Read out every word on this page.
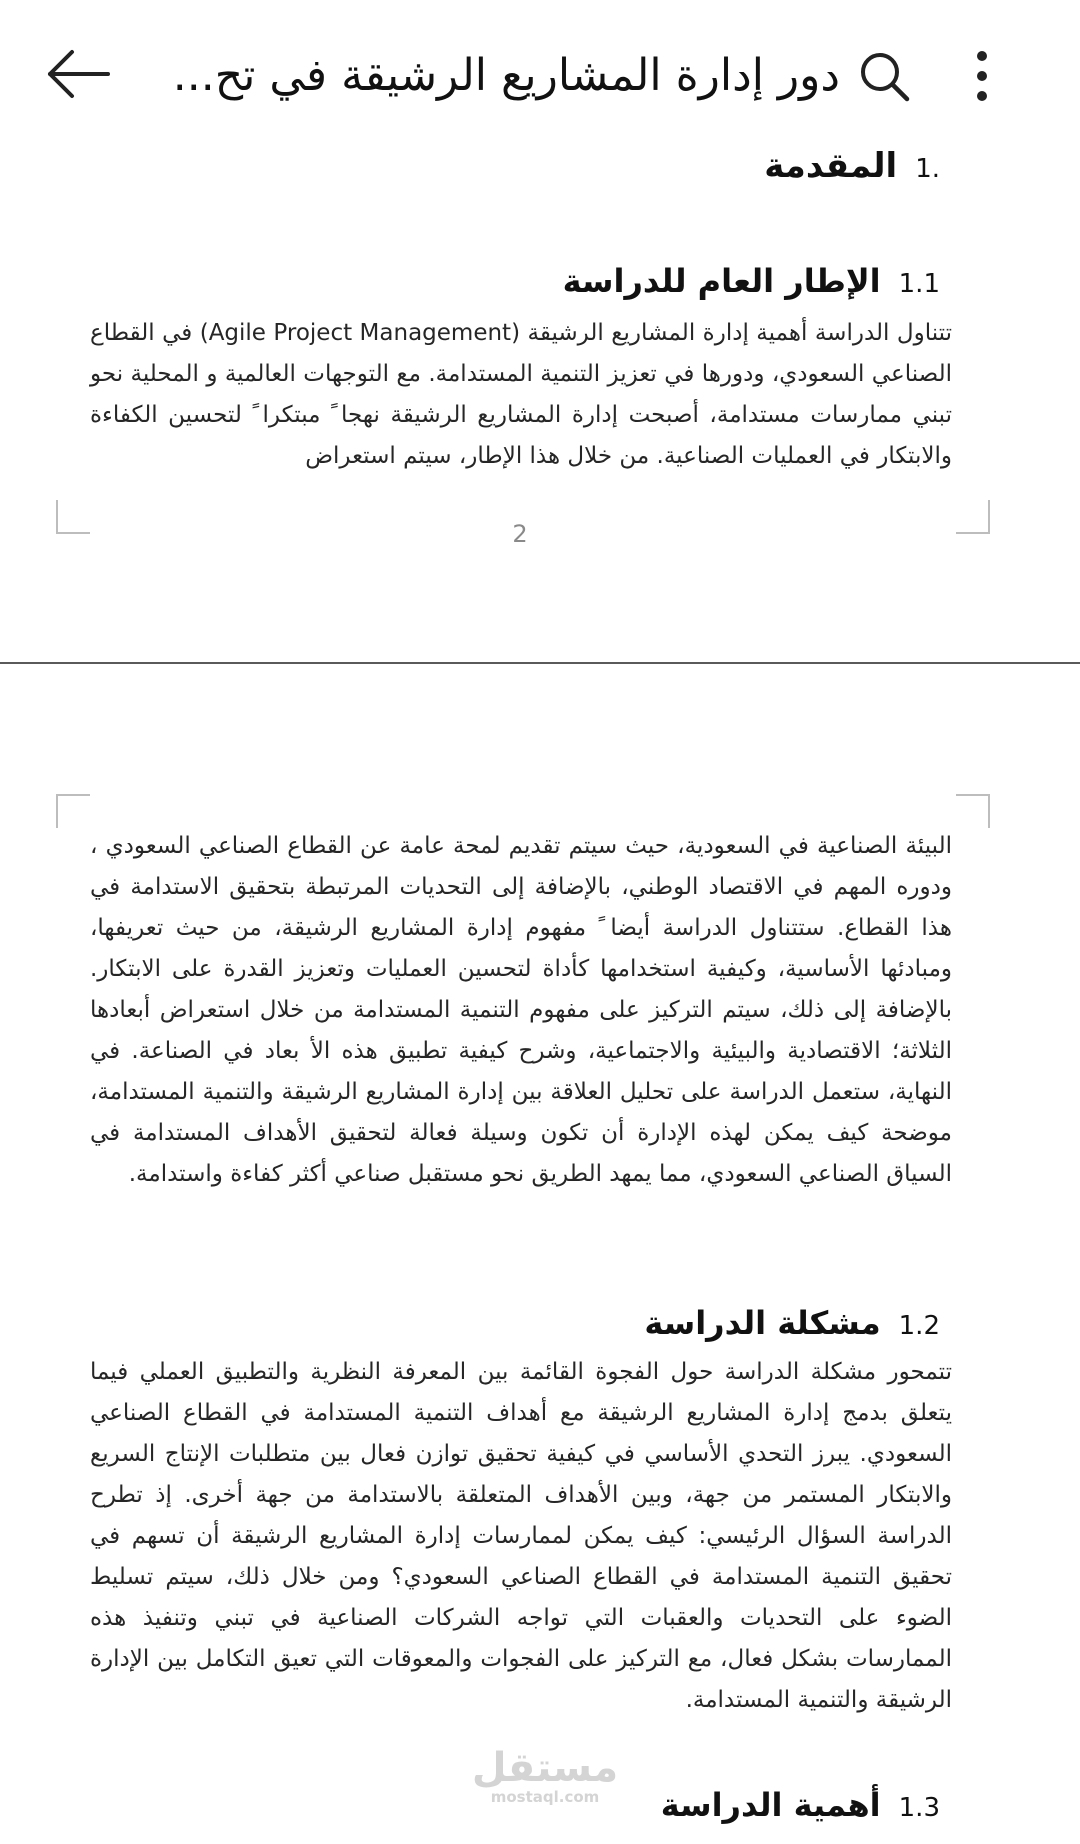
دور إدارة المشاريع الرشيقة في تح...
.1المقدمة
1.1الإطار العام للدراسة
تتناول الدراسة أهمية إدارة المشاريع الرشيقة (Agile Project Management) في القطاع الصناعي السعودي، ودورها في تعزيز التنمية المستدامة. مع التوجهات العالمية و المحلية نحو تبني ممارسات مستدامة، أصبحت إدارة المشاريع الرشيقة نهجا ً مبتكرا ً لتحسين الكفاءة والابتكار في العمليات الصناعية. من خلال هذا الإطار، سيتم استعراض
2
البيئة الصناعية في السعودية، حيث سيتم تقديم لمحة عامة عن القطاع الصناعي السعودي ، ودوره المهم في الاقتصاد الوطني، بالإضافة إلى التحديات المرتبطة بتحقيق الاستدامة في هذا القطاع. ستتناول الدراسة أيضا ً مفهوم إدارة المشاريع الرشيقة، من حيث تعريفها، ومبادئها الأساسية، وكيفية استخدامها كأداة لتحسين العمليات وتعزيز القدرة على الابتكار. بالإضافة إلى ذلك، سيتم التركيز على مفهوم التنمية المستدامة من خلال استعراض أبعادها الثلاثة؛ الاقتصادية والبيئية والاجتماعية، وشرح كيفية تطبيق هذه الأ بعاد في الصناعة. في النهاية، ستعمل الدراسة على تحليل العلاقة بين إدارة المشاريع الرشيقة والتنمية المستدامة، موضحة كيف يمكن لهذه الإدارة أن تكون وسيلة فعالة لتحقيق الأهداف المستدامة في السياق الصناعي السعودي، مما يمهد الطريق نحو مستقبل صناعي أكثر كفاءة واستدامة.
1.2مشكلة الدراسة
تتمحور مشكلة الدراسة حول الفجوة القائمة بين المعرفة النظرية والتطبيق العملي فيما يتعلق بدمج إدارة المشاريع الرشيقة مع أهداف التنمية المستدامة في القطاع الصناعي السعودي. يبرز التحدي الأساسي في كيفية تحقيق توازن فعال بين متطلبات الإنتاج السريع والابتكار المستمر من جهة، وبين الأهداف المتعلقة بالاستدامة من جهة أخرى. إذ تطرح الدراسة السؤال الرئيسي: كيف يمكن لممارسات إدارة المشاريع الرشيقة أن تسهم في تحقيق التنمية المستدامة في القطاع الصناعي السعودي؟ ومن خلال ذلك، سيتم تسليط الضوء على التحديات والعقبات التي تواجه الشركات الصناعية في تبني وتنفيذ هذه الممارسات بشكل فعال، مع التركيز على الفجوات والمعوقات التي تعيق التكامل بين الإدارة الرشيقة والتنمية المستدامة.
مستقل
mostaql.com	1.3أهمية الدراسة
